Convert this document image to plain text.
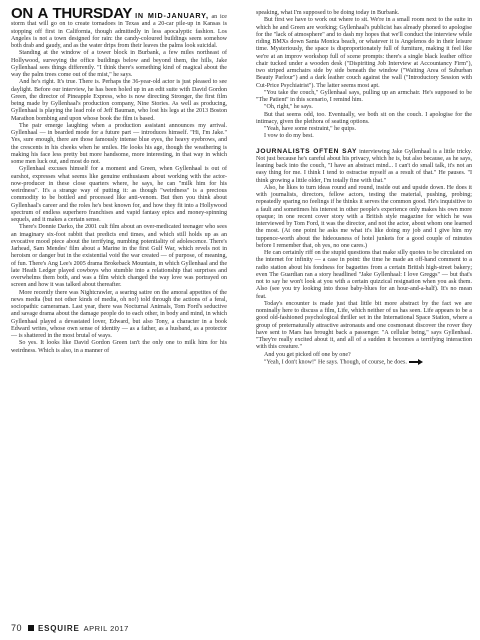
ON A THURSDAY IN MID-JANUARY, an ice storm that will go on to create tornadoes in Texas and a 20-car pile-up in Kansas is stopping off first in California, though admittedly in less apocalyptic fashion. Los Angeles is not a town designed for rain: the candy-coloured buildings seem somehow both drab and gaudy, and as the water drips from their leaves the palms look suicidal.

Standing at the window of a tower block in Burbank, a few miles northeast of Hollywood, surveying the office buildings below and beyond them, the hills, Jake Gyllenhaal sees things differently. "I think there's something kind of magical about the way the palm trees come out of the mist," he says.

And he's right. It's true. There is. Perhaps the 36-year-old actor is just pleased to see daylight. Before our interview, he has been holed up in an edit suite with David Gordon Green, the director of Pineapple Express, who is now directing Stronger, the first film being made by Gyllenhaal's production company, Nine Stories. As well as producing, Gyllenhaal is playing the lead role of Jeff Bauman, who lost his legs at the 2013 Boston Marathon bombing and upon whose book the film is based.

The pair emerge laughing when a production assistant announces my arrival. Gyllenhaal — in bearded mode for a future part — introduces himself. "Hi, I'm Jake." Yes, sure enough, there are those famously intense blue eyes, the heavy eyebrows, and the crescents in his cheeks when he smiles. He looks his age, though the weathering is making his face less pretty but more handsome, more interesting, in that way in which some men luck out, and most do not.

Gyllenhaal excuses himself for a moment and Green, when Gyllenhaal is out of earshot, expresses what seems like genuine enthusiasm about working with the actor-now-producer in these close quarters where, he says, he can "milk him for his weirdness". It's a strange way of putting it: as though "weirdness" is a precious commodity to be bottled and processed like anti-venom. But then you think about Gyllenhaal's career and the roles he's best known for, and how they fit into a Hollywood spectrum of endless superhero franchises and vapid fantasy epics and money-spinning sequels, and it makes a certain sense.

There's Donnie Darko, the 2001 cult film about an over-medicated teenager who sees an imaginary six-foot rabbit that predicts end times, and which still holds up as an evocative mood piece about the terrifying, numbing potentiality of adolescence. There's Jarhead, Sam Mendes' film about a Marine in the first Gulf War, which revels not in heroism or danger but in the existential void the war created — of purpose, of meaning, of fun. There's Ang Lee's 2005 drama Brokeback Mountain, in which Gyllenhaal and the late Heath Ledger played cowboys who stumble into a relationship that surprises and overwhelms them both, and was a film which changed the way love was portrayed on screen and how it was talked about thereafter.

More recently there was Nightcrawler, a searing satire on the amoral appetites of the news media (but not other kinds of media, oh no!) told through the actions of a feral, sociopathic cameraman. Last year, there was Nocturnal Animals, Tom Ford's seductive and savage drama about the damage people do to each other, in body and mind, in which Gyllenhaal played a devastated lover, Edward, but also Tony, a character in a book Edward writes, whose own sense of identity — as a father, as a husband, as a protector — is shattered in the most brutal of ways.

So yes. It looks like David Gordon Green isn't the only one to milk him for his weirdness. Which is also, in a manner of

speaking, what I'm supposed to be doing today in Burbank.

But first we have to work out where to sit. We're in a small room next to the suite in which he and Green are working; Gyllenhaal's publicist has already phoned to apologise for the "lack of atmosphere" and to dash my hopes that we'll conduct the interview while riding BMXs down Santa Monica beach, or whatever it is Angelenos do in their leisure time. Mysteriously, the space is disproportionately full of furniture, making it feel like we're at an improv workshop full of scene prompts: there's a single black leather office chair tucked under a wooden desk ("Dispiriting Job Interview at Accountancy Firm"), two striped armchairs side by side beneath the window ("Waiting Area of Suburban Beauty Parlour") and a dark leather couch against the wall ("Introductory Session with Cut-Price Psychiatrist"). The latter seems most apt.

"You take the couch," Gyllenhaal says, pulling up an armchair. He's supposed to be "The Patient" in this scenario, I remind him.

"Oh, right," he says.

But that seems odd, too. Eventually, we both sit on the couch. I apologise for the intimacy, given the plethora of seating options.

"Yeah, have some restraint," he quips.

I vow to do my best.

JOURNALISTS OFTEN SAY interviewing Jake Gyllenhaal is a little tricky. Not just because he's careful about his privacy, which he is, but also because, as he says, leaning back into the couch, "I have an abstract mind... I can't do small talk, it's not an easy thing for me. I think I tend to ostracise myself as a result of that." He pauses. "I think growing a little older, I'm totally fine with that."

Also, he likes to turn ideas round and round, inside out and upside down. He does it with journalists, directors, fellow actors, testing the material, pushing, probing; repeatedly sparing no feelings if he thinks it serves the common good. He's inquisitive to a fault and sometimes his interest in other people's experience only makes his own more opaque; in one recent cover story with a British style magazine for which he was interviewed by Tom Ford, it was the director, and not the actor, about whom one learned the most. (At one point he asks me what it's like doing my job and I give him my tuppence-worth about the hideousness of hotel junkets for a good couple of minutes before I remember that, oh yes, no one cares.)

He can certainly riff on the stupid questions that make silly quotes to be circulated on the internet for infinity — a case in point: the time he made an off-hand comment to a radio station about his fondness for baguettes from a certain British high-street bakery; even The Guardian ran a story headlined "Jake Gyllenhaal: I love Greggs" — but that's not to say he won't look at you with a certain quizzical resignation when you ask them. Also (see you try looking into those baby-blues for an hour-and-a-half). It's no mean feat.

Today's encounter is made just that little bit more abstract by the fact we are nominally here to discuss a film, Life, which neither of us has seen. Life appears to be a good old-fashioned psychological thriller set in the International Space Station, where a group of preternaturally attractive astronauts and one cosmonaut discover the rover they have sent to Mars has brought back a passenger. "A cellular being," says Gyllenhaal. "They're really excited about it, and all of a sudden it becomes a terrifying interaction with this creature."

And you get picked off one by one?

"Yeah, I don't know!" He says. Though, of course, he does.

70 ESQUIRE APRIL 2017
